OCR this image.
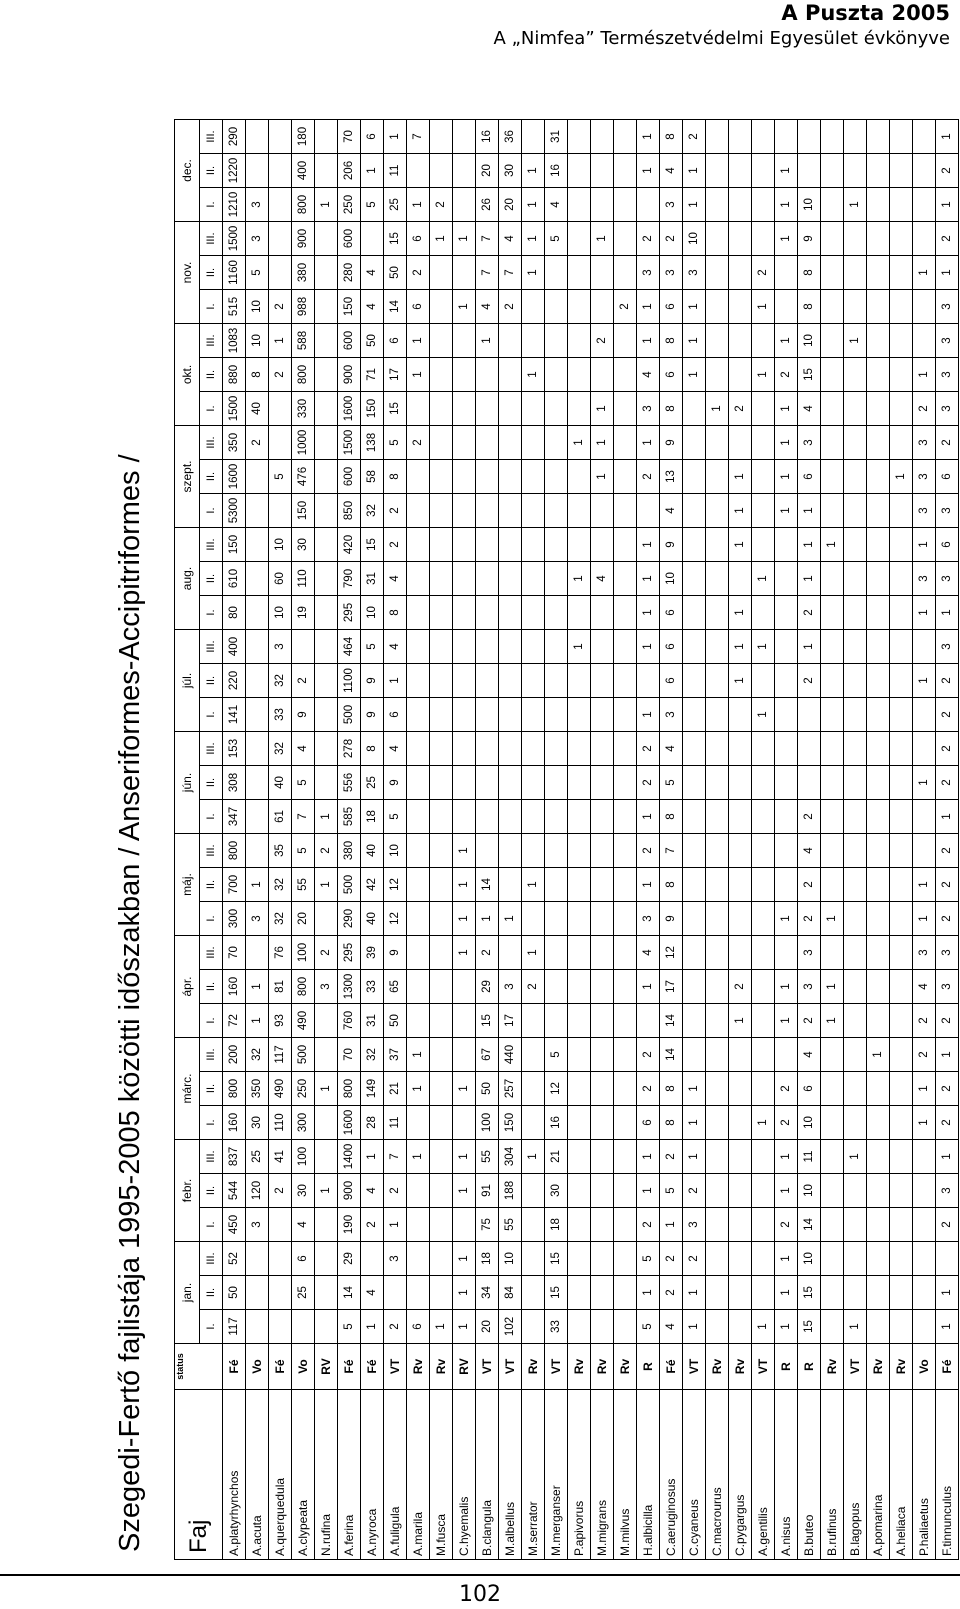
A Puszta 2005
A „Nimfea” Természetvédelmi Egyesület évkönyve
Szegedi-Fertő fajlistája 1995-2005 közötti időszakban / Anseriformes-Accipitriformes /	Faj	status	jan.			febr.			márc.			ápr.			máj.			jún.			júl.			aug.			szept.			okt.			nov.			dec.		
		I.	II.	III.	I.	II.	III.	I.	II.	III.	I.	II.	III.	I.	II.	III.	I.	II.	III.	I.	II.	III.	I.	II.	III.	I.	II.	III.	I.	II.	III.	I.	II.	III.	I.	II.	III.
A.platyrhynchos	Fé	117	50	52	450	544	837	160	800	200	72	160	70	300	700	800	347	308	153	141	220	400	80	610	150	5300	1600	350	1500	880	1083	515	1160	1500	1210	1220	290
A.acuta	Vo				3	120	25	30	350	32	1	1		3	1													2	40	8	10	10	5	3	3		
A.querquedula	Fé					2	41	110	490	117	93	81	76	32	32	35	61	40	32	33	32	3	10	60	10		5			2	1	2					
A.clypeata	Vo		25	6	4	30	100	300	250	500	490	800	100	20	55	5	7	5	4	9	2		19	110	30	150	476	1000	330	800	588	988	380	900	800	400	180
N.rufina	RV					1			1			3	2		1	2	1																		1		
A.ferina	Fé	5	14	29	190	900	1400	1600	800	70	760	1300	295	290	500	380	585	556	278	500	1100	464	295	790	420	850	600	1500	1600	900	600	150	280	600	250	206	70
A.nyroca	Fé	1	4		2	4	1	28	149	32	31	33	39	40	42	40	18	25	8	9	9	5	10	31	15	32	58	138	150	71	50	4	4		5	1	6
A.fuligula	VT	2		3	1	2	7	11	21	37	50	65	9	12	12	10	5	9	4	6	1	4	8	4	2	2	8	5	15	17	6	14	50	15	25	11	1
A.marila	Rv	6					1		1	1																		2		1	1	6	2	6	1		7
M.fusca	Rv	1																																1	2		
C.hyemalis	RV	1	1	1		1	1		1				1	1	1	1																1		1			
B.clangula	VT	20	34	18	75	91	55	100	50	67	15	29	2	1	14																1	4	7	7	26	20	16
M.albellus	VT	102	84	10	55	188	304	150	257	440	17	3		1																		2	7	4	20	30	36
M.serrator	Rv						1					2	1		1															1			1	1	1	1	
M.merganser	VT	33	15	15	18	30	21	16	12	5																								5	4	16	31
P.apivorus	Rv																					1		1				1									
M.migrans	Rv																							4			1	1	1		2			1			
M.milvus	Rv																															2					
H.albicilla	R	5	1	5	2	1	1	6	2	2		1	4	3	1	2	1	2	2	1		1	1	1	1		2	1	3	4	1	1	3	2		1	1
C.aeruginosus	Fé	4	2	2	1	5	2	8	8	14	14	17	12	9	8	7	8	5	4	3	6	6	6	10	9	4	13	9	8	6	8	6	3	2	3	4	8
C.cyaneus	VT	1	1	2	3	2	1	1	1																					1	1	1	3	10	1	1	2
C.macrourus	Rv																												1								
C.pygargus	Rv										1	2									1	1	1		1	1	1		2								
A.gentilis	VT	1						1												1		1		1						1		1	2				
A.nisus	R	1	1	1	2	1	1	2	2		1	1		1												1	1	1	1	2	1			1	1	1	
B.buteo	R	15	15	10	14	10	11	10	6	4	2	3	3	2	2	4	2				2	1	2	1	1	1	6	3	4	15	10	8	8	9	10		
B.rufinus	Rv										1	1		1											1												
B.lagopus	VT	1					1																								1				1		
A.pomarina	Rv									1																											
A.heliaca	Rv																										1										
P.haliaetus	Vo							1	1	2	2	4	3	1	1			1			1		1	3	1	3	3	3	2	1			1				
F.tinnunculus	Fé	1	1		2	3	1	2	2	1	2	3	3	2	2	2	1	2	2	2	2	3	1	3	6	3	6	2	3	3	3	3	1	2	1	2	1
102
